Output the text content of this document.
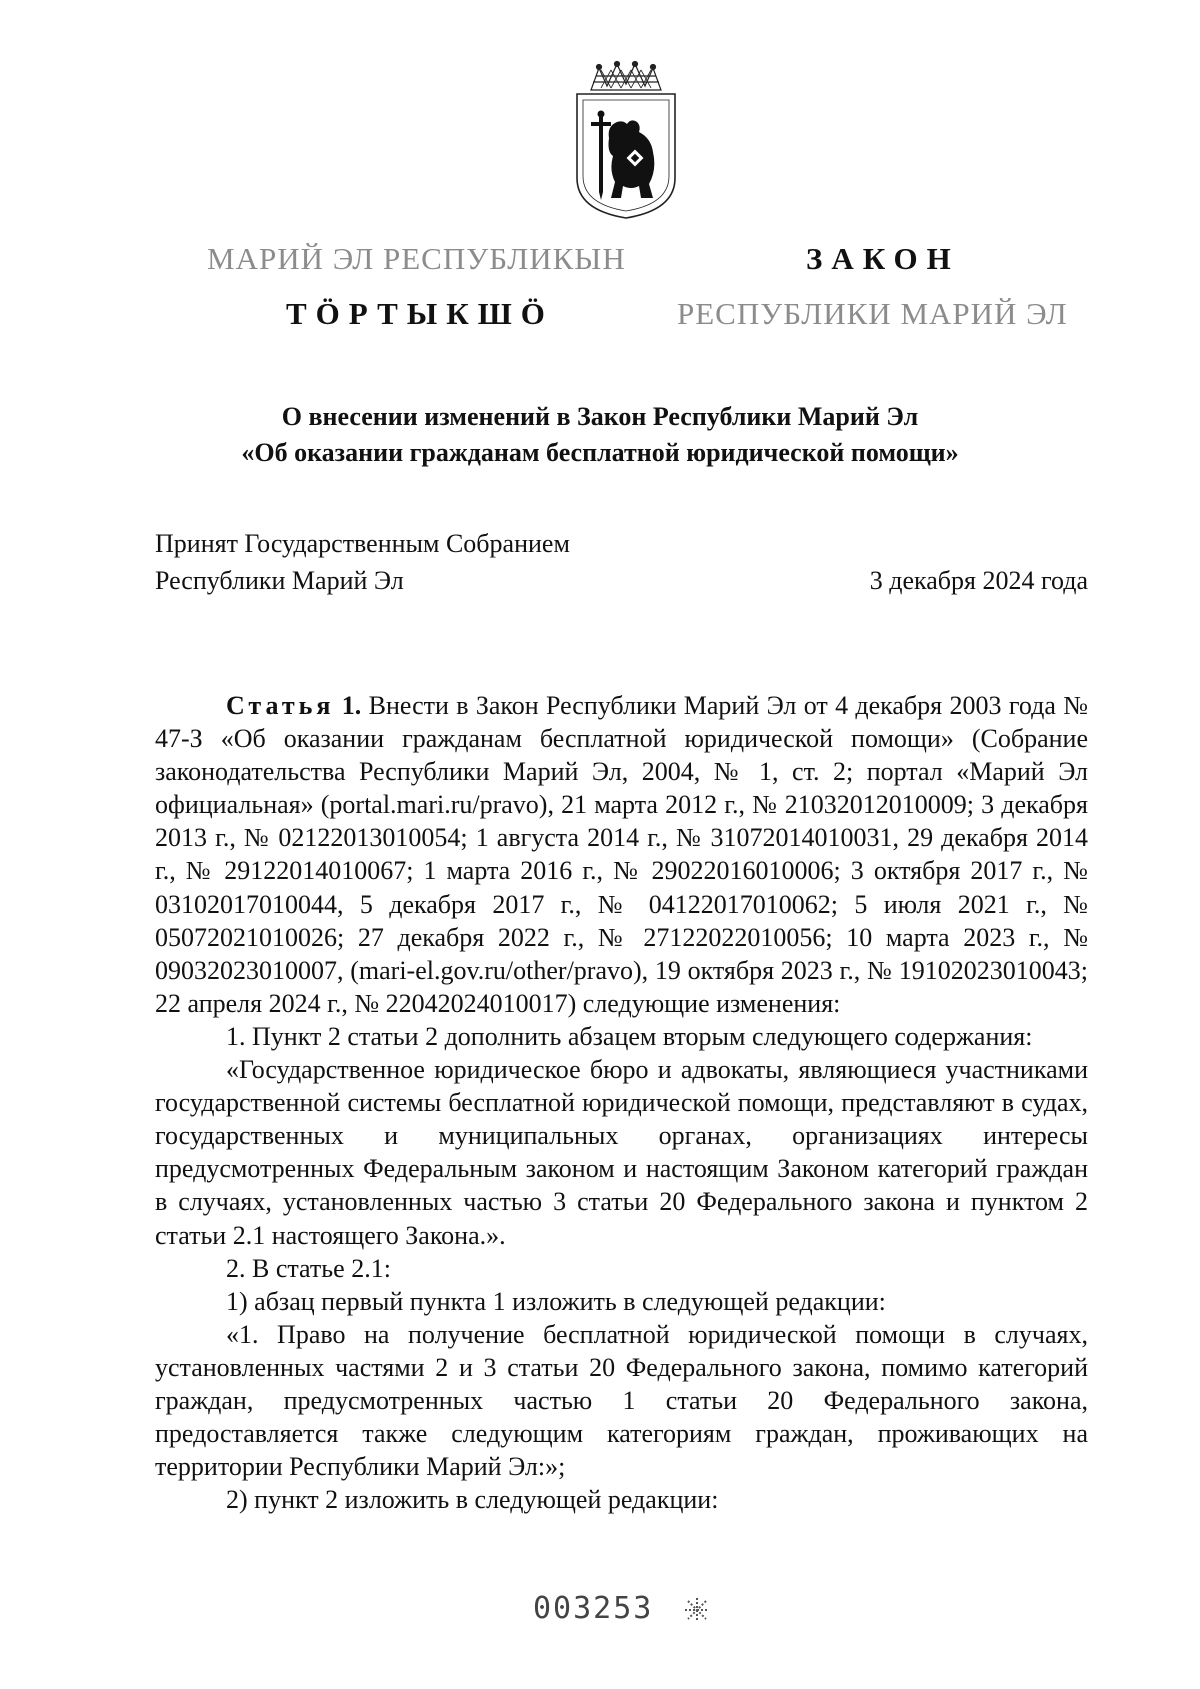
МАРИЙ ЭЛ РЕСПУБЛИКЫН	ЗАКОН
ТӦРТЫКШӦ	РЕСПУБЛИКИ МАРИЙ ЭЛ
О внесении изменений в Закон Республики Марий Эл
«Об оказании гражданам бесплатной юридической помощи»
Принят Государственным Собранием
Республики Марий Эл	3 декабря 2024 года

Статья 1. Внести в Закон Республики Марий Эл от 4 декабря 2003 года № 47-З «Об оказании гражданам бесплатной юридической помощи» (Собрание законодательства Республики Марий Эл, 2004, № 1, ст. 2; портал «Марий Эл официальная» (portal.mari.ru/pravo), 21 марта 2012 г., № 21032012010009; 3 декабря 2013 г., № 02122013010054; 1 августа 2014 г., № 31072014010031, 29 декабря 2014 г., № 29122014010067; 1 марта 2016 г., № 29022016010006; 3 октября 2017 г., № 03102017010044, 5 декабря 2017 г., № 04122017010062; 5 июля 2021 г., № 05072021010026; 27 декабря 2022 г., № 27122022010056; 10 марта 2023 г., № 09032023010007, (mari-el.gov.ru/other/pravo), 19 октября 2023 г., № 19102023010043; 22 апреля 2024 г., № 22042024010017) следующие изменения:

1. Пункт 2 статьи 2 дополнить абзацем вторым следующего содержания:

«Государственное юридическое бюро и адвокаты, являющиеся участниками государственной системы бесплатной юридической помощи, представляют в судах, государственных и муниципальных органах, организациях интересы предусмотренных Федеральным законом и настоящим Законом категорий граждан в случаях, установленных частью 3 статьи 20 Федерального закона и пунктом 2 статьи 2.1 настоящего Закона.».

2. В статье 2.1:

1) абзац первый пункта 1 изложить в следующей редакции:

«1. Право на получение бесплатной юридической помощи в случаях, установленных частями 2 и 3 статьи 20 Федерального закона, помимо категорий граждан, предусмотренных частью 1 статьи 20 Федерального закона, предоставляется также следующим категориям граждан, проживающих на территории Республики Марий Эл:»;

2) пункт 2 изложить в следующей редакции:

003253
